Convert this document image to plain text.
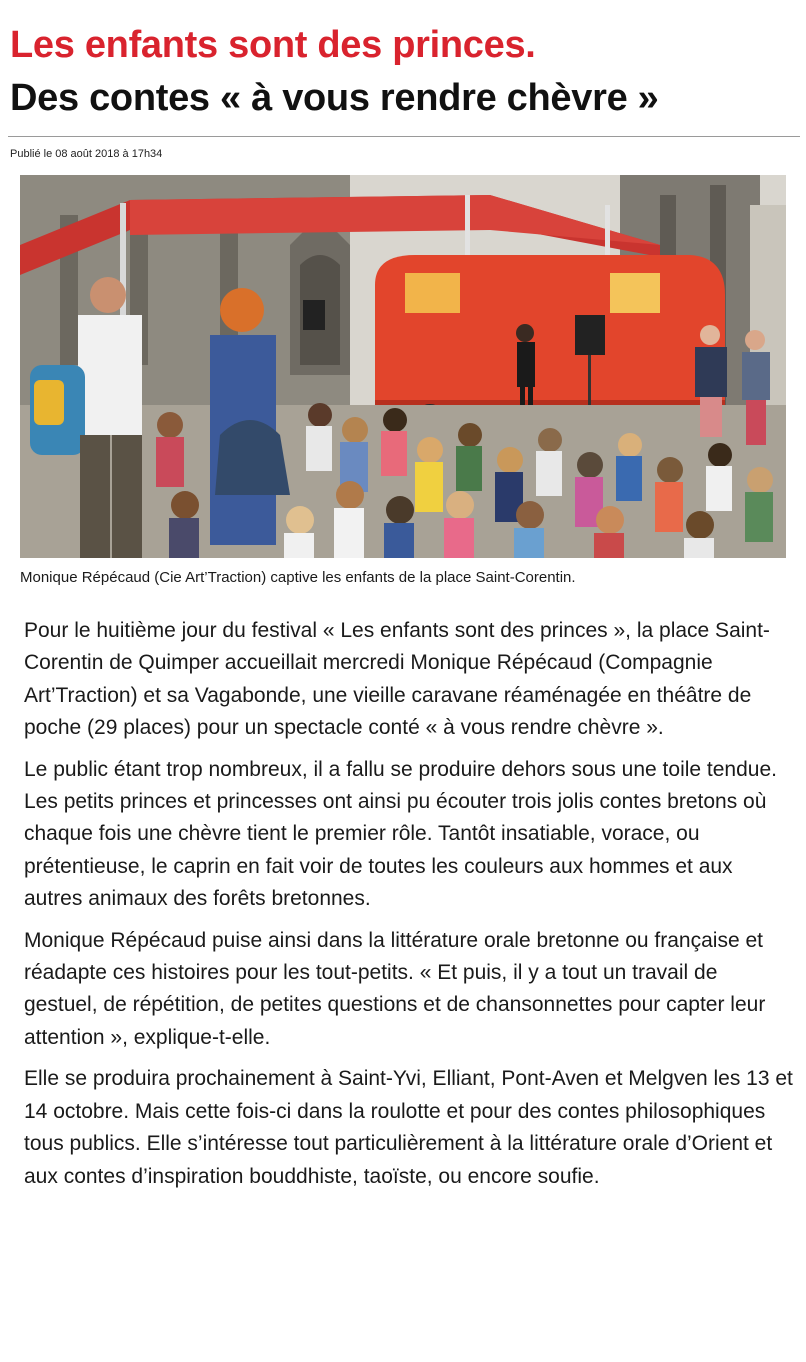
Les enfants sont des princes.
Des contes « à vous rendre chèvre »
Publié le 08 août 2018 à 17h34
Monique Répécaud (Cie Art’Traction) captive les enfants de la place Saint-Corentin.

Pour le huitième jour du festival « Les enfants sont des princes », la place Saint-Corentin de Quimper accueillait mercredi Monique Répécaud (Compagnie Art’Traction) et sa Vagabonde, une vieille caravane réaménagée en théâtre de poche (29 places) pour un spectacle conté « à vous rendre chèvre ».

Le public étant trop nombreux, il a fallu se produire dehors sous une toile tendue. Les petits princes et princesses ont ainsi pu écouter trois jolis contes bretons où chaque fois une chèvre tient le premier rôle. Tantôt insatiable, vorace, ou prétentieuse, le caprin en fait voir de toutes les couleurs aux hommes et aux autres animaux des forêts bretonnes.

Monique Répécaud puise ainsi dans la littérature orale bretonne ou française et réadapte ces histoires pour les tout-petits. « Et puis, il y a tout un travail de gestuel, de répétition, de petites questions et de chansonnettes pour capter leur attention », explique-t-elle.

Elle se produira prochainement à Saint-Yvi, Elliant, Pont-Aven et Melgven les 13 et 14 octobre. Mais cette fois-ci dans la roulotte et pour des contes philosophiques tous publics. Elle s’intéresse tout particulièrement à la littérature orale d’Orient et aux contes d’inspiration bouddhiste, taoïste, ou encore soufie.
